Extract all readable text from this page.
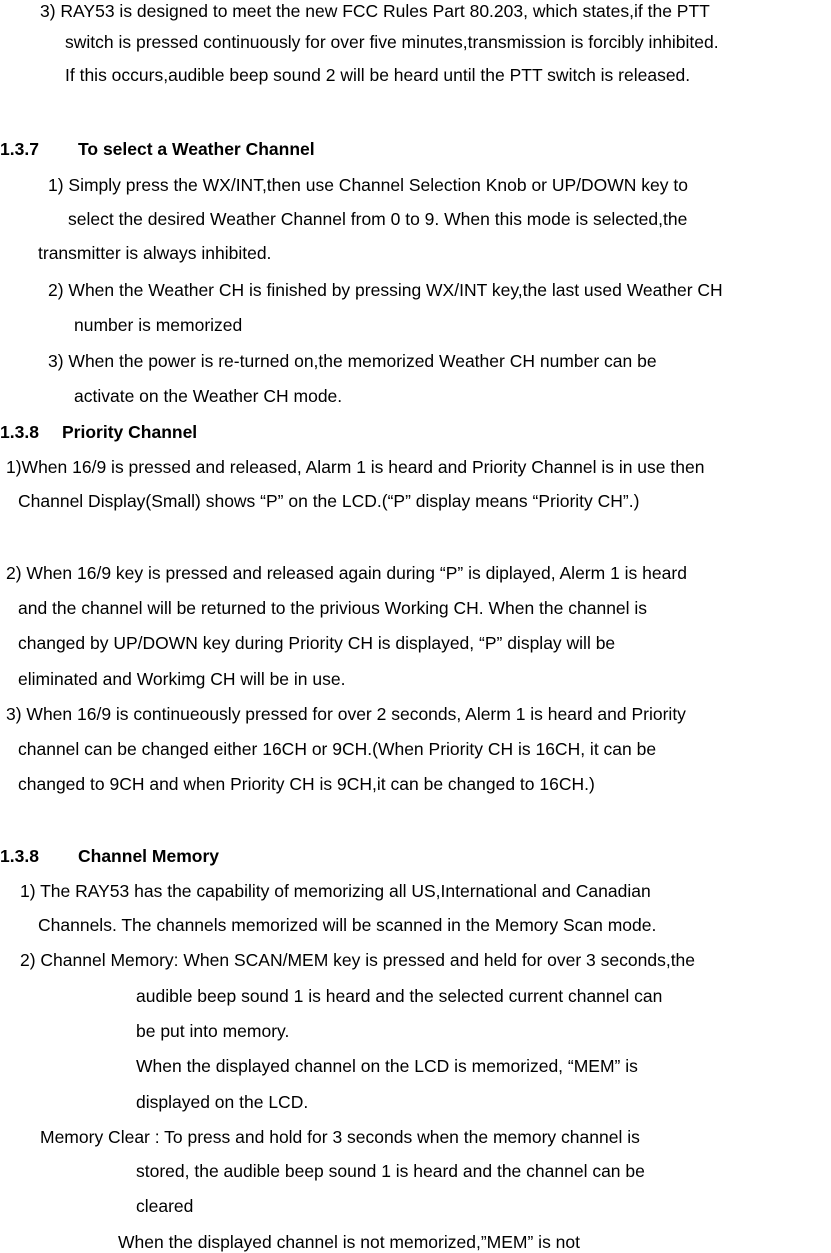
3) RAY53 is designed to meet the new FCC Rules Part 80.203, which states,if the PTT
switch is pressed continuously for over five minutes,transmission is forcibly inhibited.
If this occurs,audible beep sound 2 will be heard until the PTT switch is released.
1.3.7 To select a Weather Channel
1) Simply press the WX/INT,then use Channel Selection Knob or UP/DOWN key to
select the desired Weather Channel from 0 to 9. When this mode is selected,the
transmitter is always inhibited.
2) When the Weather CH is finished by pressing WX/INT key,the last used Weather CH
number is memorized
3) When the power is re-turned on,the memorized Weather CH number can be
activate on the Weather CH mode.
1.3.8 Priority Channel
1)When 16/9 is pressed and released, Alarm 1 is heard and Priority Channel is in use then
Channel Display(Small) shows “P” on the LCD.(“P” display means “Priority CH”.)
2) When 16/9 key is pressed and released again during “P” is diplayed, Alerm 1 is heard
and the channel will be returned to the privious Working CH. When the channel is
changed by UP/DOWN key during Priority CH is displayed, “P” display will be
eliminated and Workimg CH will be in use.
3) When 16/9 is continueously pressed for over 2 seconds, Alerm 1 is heard and Priority
channel can be changed either 16CH or 9CH.(When Priority CH is 16CH, it can be
changed to 9CH and when Priority CH is 9CH,it can be changed to 16CH.)
1.3.8 Channel Memory
1) The RAY53 has the capability of memorizing all US,International and Canadian
Channels. The channels memorized will be scanned in the Memory Scan mode.
2) Channel Memory: When SCAN/MEM key is pressed and held for over 3 seconds,the
audible beep sound 1 is heard and the selected current channel can
be put into memory.
When the displayed channel on the LCD is memorized, “MEM” is
displayed on the LCD.
Memory Clear : To press and hold for 3 seconds when the memory channel is
stored, the audible beep sound 1 is heard and the channel can be
cleared
When the displayed channel is not memorized,”MEM” is not
